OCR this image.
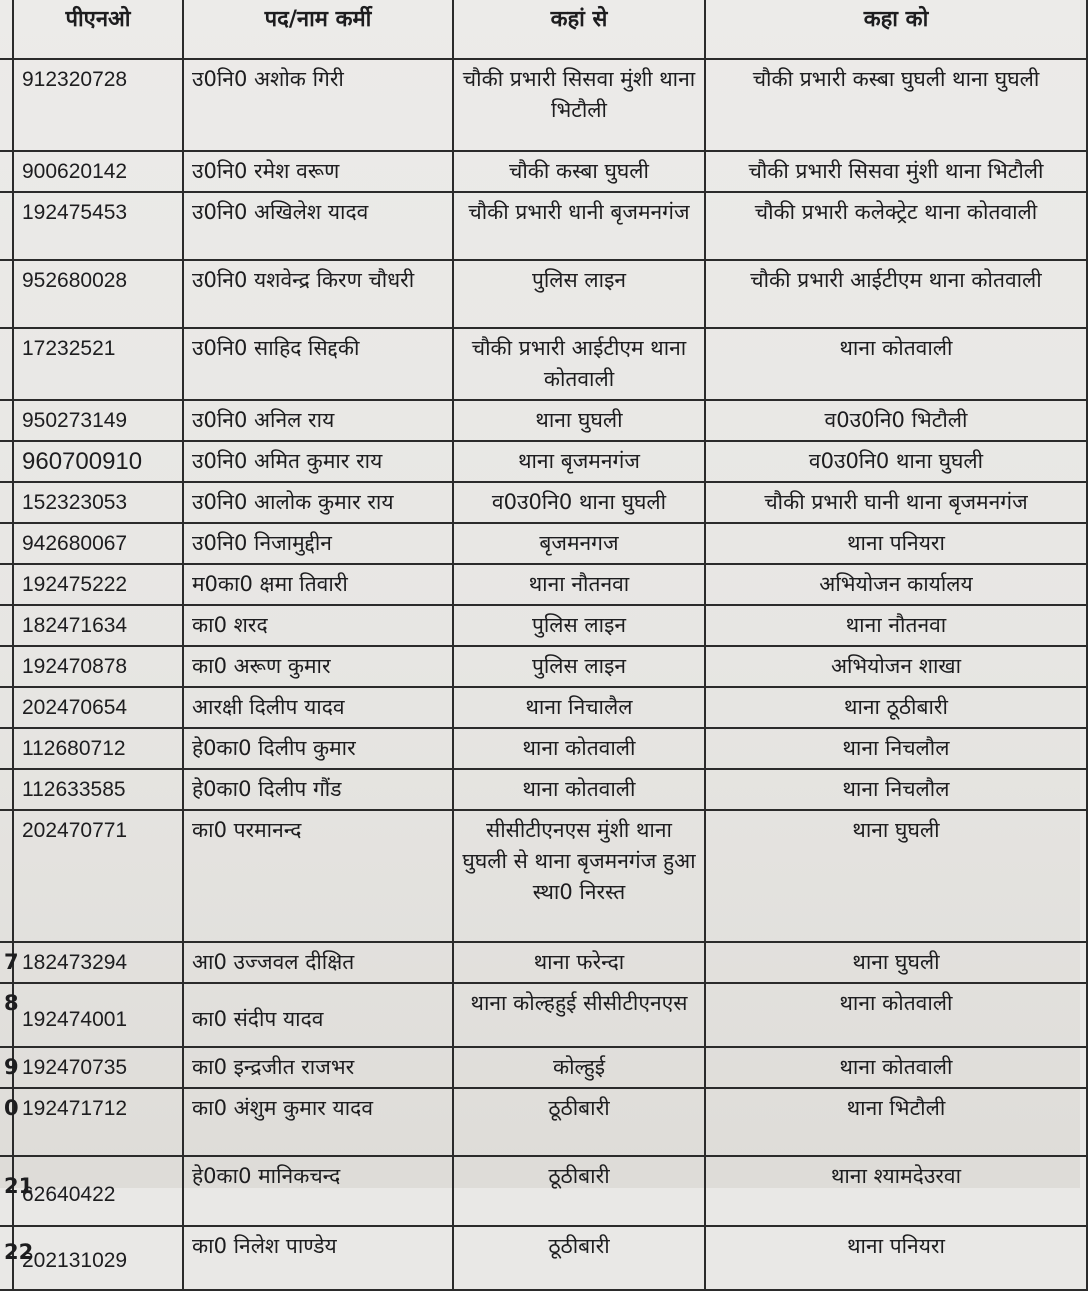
	पीएनओ	पद/नाम कर्मी	कहां से	कहा को
	912320728	उ0नि0 अशोक गिरी	चौकी प्रभारी सिसवा मुंशी थाना भिटौली	चौकी प्रभारी कस्बा घुघली थाना घुघली
	900620142	उ0नि0 रमेश वरूण	चौकी कस्बा घुघली	चौकी प्रभारी सिसवा मुंशी थाना भिटौली
	192475453	उ0नि0 अखिलेश यादव	चौकी प्रभारी धानी बृजमनगंज	चौकी प्रभारी कलेक्ट्रेट थाना कोतवाली
	952680028	उ0नि0 यशवेन्द्र किरण चौधरी	पुलिस लाइन	चौकी प्रभारी आईटीएम थाना कोतवाली
	17232521	उ0नि0 साहिद सिद्दकी	चौकी प्रभारी आईटीएम थाना कोतवाली	थाना कोतवाली
	950273149	उ0नि0 अनिल राय	थाना घुघली	व0उ0नि0 भिटौली
	960700910	उ0नि0 अमित कुमार राय	थाना बृजमनगंज	व0उ0नि0 थाना घुघली
	152323053	उ0नि0 आलोक कुमार राय	व0उ0नि0 थाना घुघली	चौकी प्रभारी घानी थाना बृजमनगंज
	942680067	उ0नि0 निजामुद्दीन	बृजमनगज	थाना पनियरा
	192475222	म0का0 क्षमा तिवारी	थाना नौतनवा	अभियोजन कार्यालय
	182471634	का0 शरद	पुलिस लाइन	थाना नौतनवा
	192470878	का0 अरूण कुमार	पुलिस लाइन	अभियोजन शाखा
	202470654	आरक्षी दिलीप यादव	थाना निचालैल	थाना ठूठीबारी
	112680712	हे0का0 दिलीप कुमार	थाना कोतवाली	थाना निचलौल
	112633585	हे0का0 दिलीप गौंड	थाना कोतवाली	थाना निचलौल
	202470771	का0 परमानन्द	सीसीटीएनएस मुंशी थाना घुघली से थाना बृजमनगंज हुआ स्था0 निरस्त	थाना घुघली
7	182473294	आ0 उज्जवल दीक्षित	थाना फरेन्दा	थाना घुघली
8	192474001	का0 संदीप यादव	थाना कोल्हहुई सीसीटीएनएस	थाना कोतवाली
9	192470735	का0 इन्द्रजीत राजभर	कोल्हुई	थाना कोतवाली
0	192471712	का0 अंशुम कुमार यादव	ठूठीबारी	थाना भिटौली
21	62640422	हे0का0 मानिकचन्द	ठूठीबारी	थाना श्यामदेउरवा
22	202131029	का0 निलेश पाण्डेय	ठूठीबारी	थाना पनियरा
